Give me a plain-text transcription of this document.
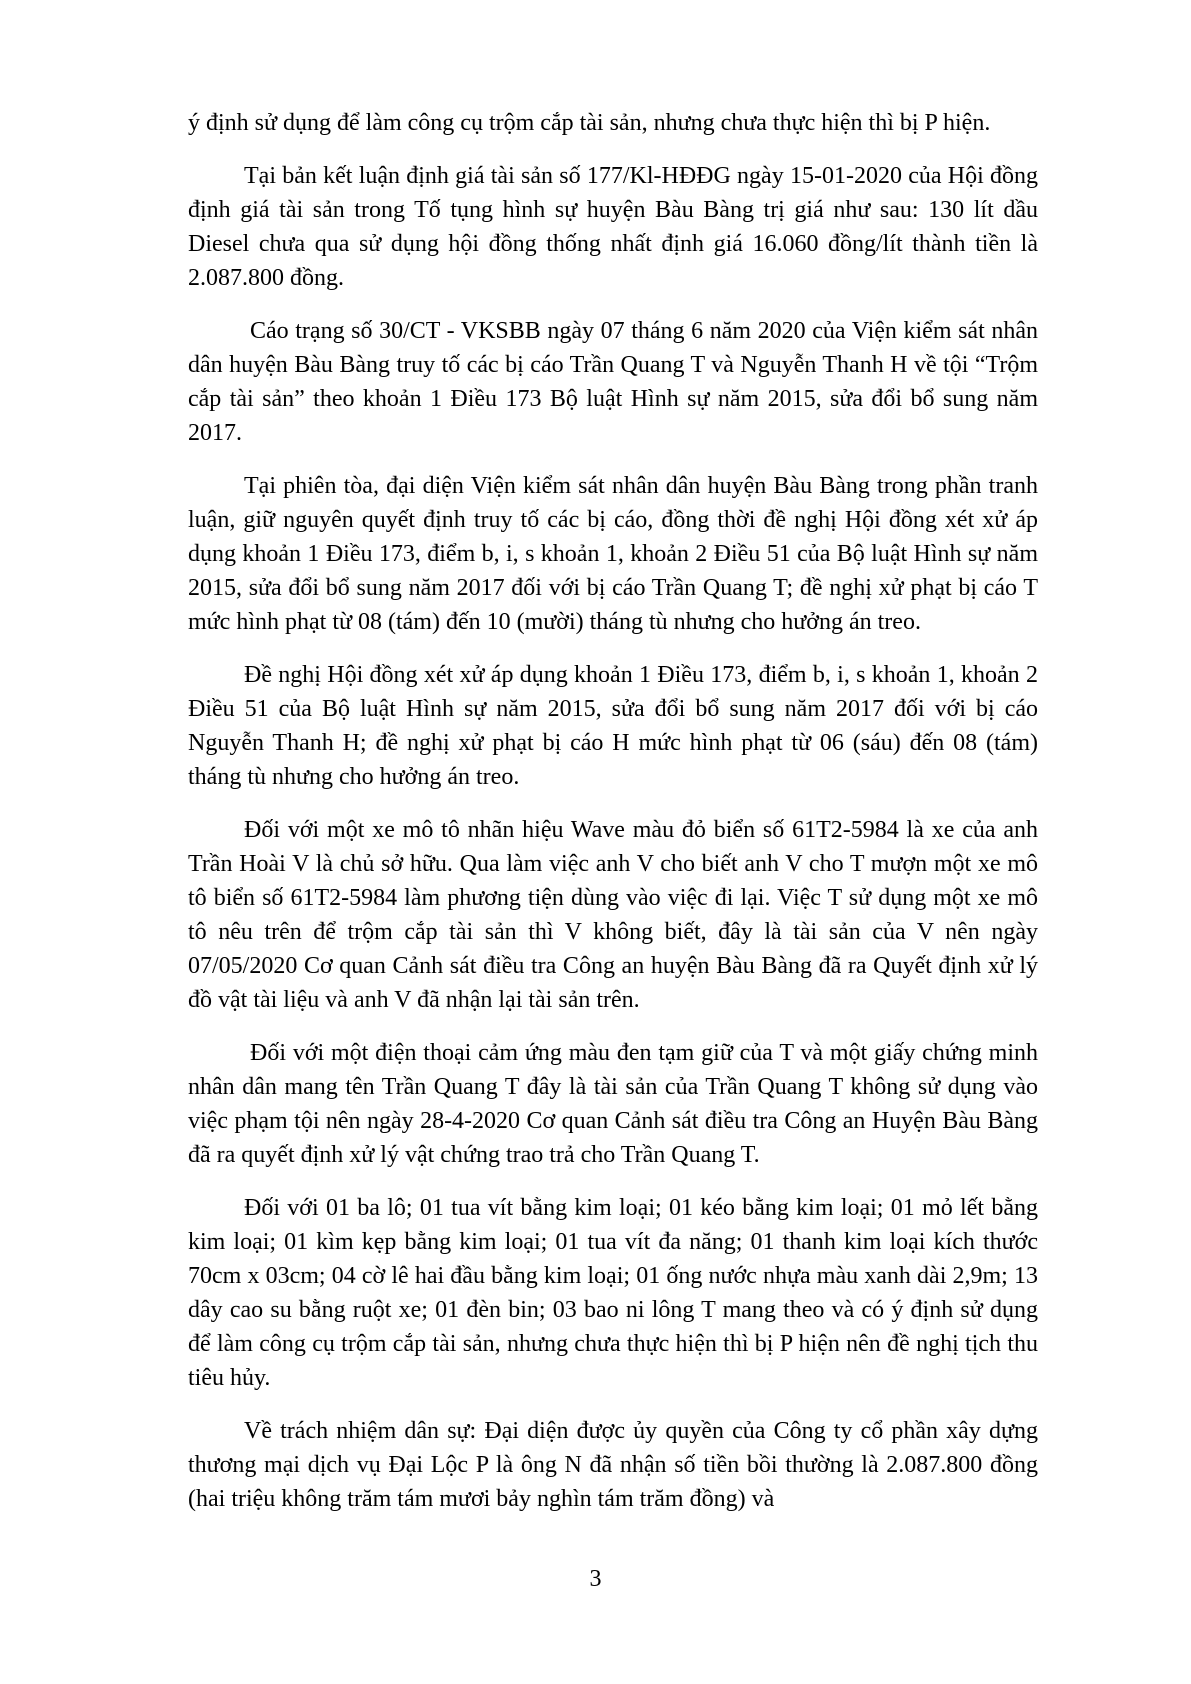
ý định sử dụng để làm công cụ trộm cắp tài sản, nhưng chưa thực hiện thì bị P hiện.

Tại bản kết luận định giá tài sản số 177/Kl-HĐĐG ngày 15-01-2020 của Hội đồng định giá tài sản trong Tố tụng hình sự huyện Bàu Bàng trị giá như sau: 130 lít dầu Diesel chưa qua sử dụng hội đồng thống nhất định giá 16.060 đồng/lít thành tiền là 2.087.800 đồng.

Cáo trạng số 30/CT - VKSBB ngày 07 tháng 6 năm 2020 của Viện kiểm sát nhân dân huyện Bàu Bàng truy tố các bị cáo Trần Quang T và Nguyễn Thanh H về tội “Trộm cắp tài sản” theo khoản 1 Điều 173 Bộ luật Hình sự năm 2015, sửa đổi bổ sung năm 2017.

Tại phiên tòa, đại diện Viện kiểm sát nhân dân huyện Bàu Bàng trong phần tranh luận, giữ nguyên quyết định truy tố các bị cáo, đồng thời đề nghị Hội đồng xét xử áp dụng khoản 1 Điều 173, điểm b, i, s khoản 1, khoản 2 Điều 51 của Bộ luật Hình sự năm 2015, sửa đổi bổ sung năm 2017 đối với bị cáo Trần Quang T; đề nghị xử phạt bị cáo T mức hình phạt từ 08 (tám) đến 10 (mười) tháng tù nhưng cho hưởng án treo.

Đề nghị Hội đồng xét xử áp dụng khoản 1 Điều 173, điểm b, i, s khoản 1, khoản 2 Điều 51 của Bộ luật Hình sự năm 2015, sửa đổi bổ sung năm 2017 đối với bị cáo Nguyễn Thanh H; đề nghị xử phạt bị cáo H mức hình phạt từ 06 (sáu) đến 08 (tám) tháng tù nhưng cho hưởng án treo.

Đối với một xe mô tô nhãn hiệu Wave màu đỏ biển số 61T2-5984 là xe của anh Trần Hoài V là chủ sở hữu. Qua làm việc anh V cho biết anh V cho T mượn một xe mô tô biển số 61T2-5984 làm phương tiện dùng vào việc đi lại. Việc T sử dụng một xe mô tô nêu trên để trộm cắp tài sản thì V không biết, đây là tài sản của V nên ngày 07/05/2020 Cơ quan Cảnh sát điều tra Công an huyện Bàu Bàng đã ra Quyết định xử lý đồ vật tài liệu và anh V đã nhận lại tài sản trên.

Đối với một điện thoại cảm ứng màu đen tạm giữ của T và một giấy chứng minh nhân dân mang tên Trần Quang T đây là tài sản của Trần Quang T không sử dụng vào việc phạm tội nên ngày 28-4-2020 Cơ quan Cảnh sát điều tra Công an Huyện Bàu Bàng đã ra quyết định xử lý vật chứng trao trả cho Trần Quang T.

Đối với 01 ba lô; 01 tua vít bằng kim loại; 01 kéo bằng kim loại; 01 mỏ lết bằng kim loại; 01 kìm kẹp bằng kim loại; 01 tua vít đa năng; 01 thanh kim loại kích thước 70cm x 03cm; 04 cờ lê hai đầu bằng kim loại; 01 ống nước nhựa màu xanh dài 2,9m; 13 dây cao su bằng ruột xe; 01 đèn bin; 03 bao ni lông T mang theo và có ý định sử dụng để làm công cụ trộm cắp tài sản, nhưng chưa thực hiện thì bị P hiện nên đề nghị tịch thu tiêu hủy.

Về trách nhiệm dân sự: Đại diện được ủy quyền của Công ty cổ phần xây dựng thương mại dịch vụ Đại Lộc P là ông N đã nhận số tiền bồi thường là 2.087.800 đồng (hai triệu không trăm tám mươi bảy nghìn tám trăm đồng) và

3
